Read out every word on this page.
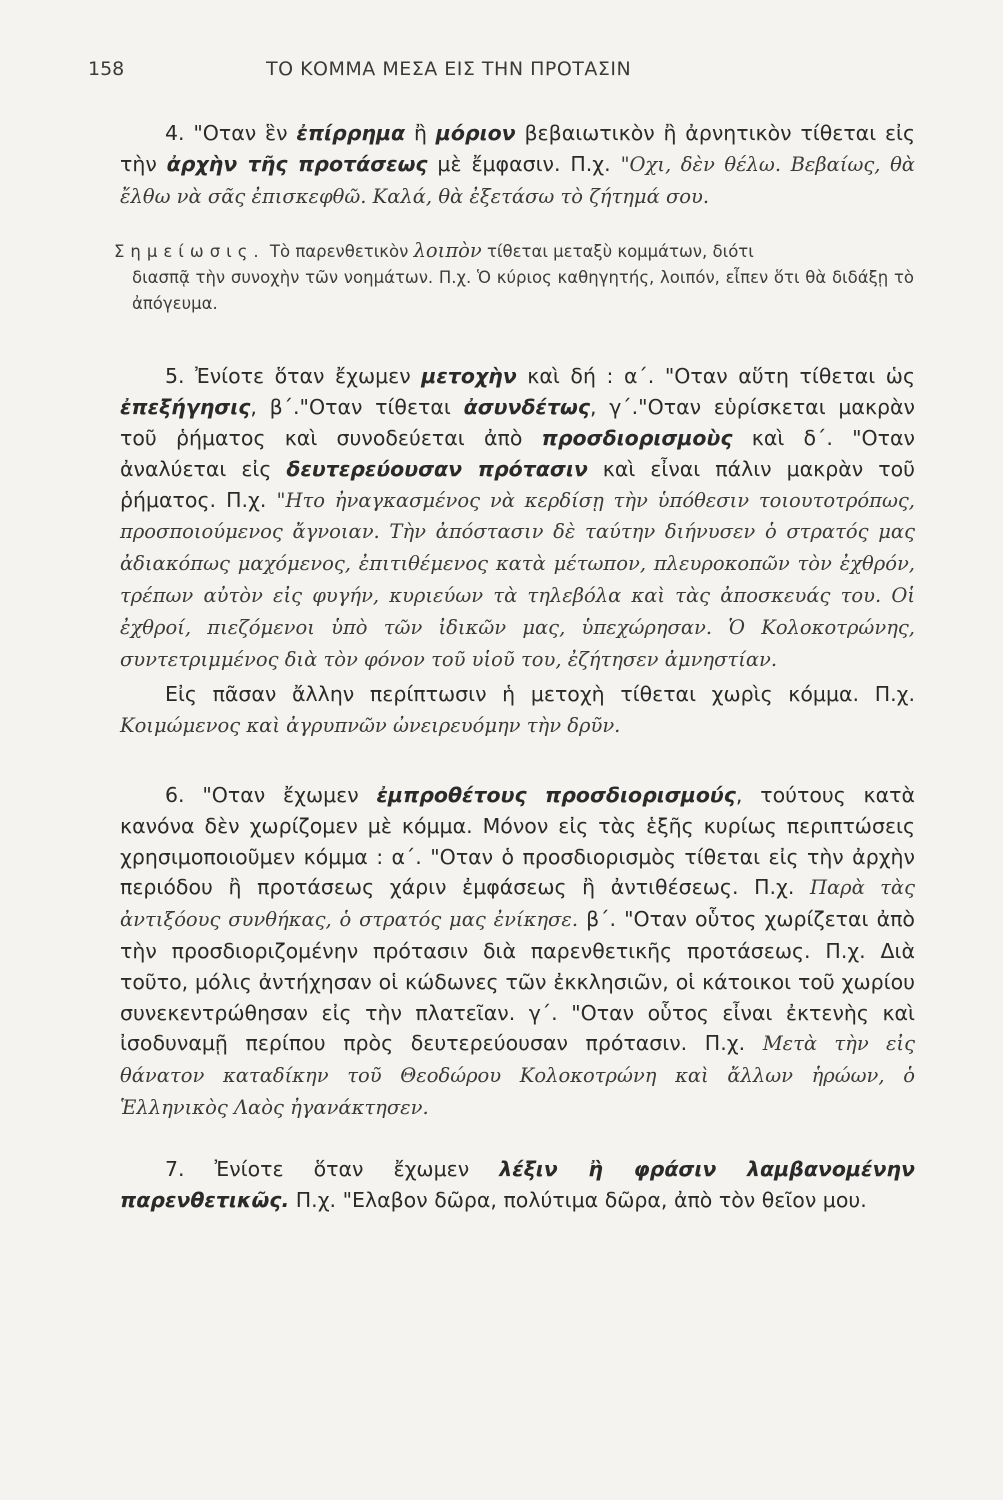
158	ΤΟ ΚΟΜΜΑ ΜΕΣΑ ΕΙΣ ΤΗΝ ΠΡΟΤΑΣΙΝ

4. "Οταν ἓν ἐπίρρημα ἢ μόριον βεβαιωτικὸν ἢ ἀρνητικὸν τίθεται εἰς τὴν ἀρχὴν τῆς προτάσεως μὲ ἔμφασιν. Π.χ. "Οχι, δὲν θέλω. Βεβαίως, θὰ ἔλθω νὰ σᾶς ἐπισκεφθῶ. Καλά, θὰ ἐξετάσω τὸ ζήτημά σου.

Σημείωσις. Τὸ παρενθετικὸν λοιπὸν τίθεται μεταξὺ κομμάτων, διότι
διασπᾷ τὴν συνοχὴν τῶν νοημάτων. Π.χ. Ὁ κύριος καθηγητής, λοιπόν, εἶπεν ὅτι θὰ διδάξῃ τὸ ἀπόγευμα.

5. Ἐνίοτε ὅταν ἔχωμεν μετοχὴν καὶ δή : α΄. "Οταν αὕτη τίθεται ὡς ἐπεξήγησις, β΄."Οταν τίθεται ἀσυνδέτως, γ΄."Οταν εὑρίσκεται μακρὰν τοῦ ῥήματος καὶ συνοδεύεται ἀπὸ προσδιορισμοὺς καὶ δ΄. "Οταν ἀναλύεται εἰς δευτερεύουσαν πρότασιν καὶ εἶναι πάλιν μακρὰν τοῦ ῥήματος. Π.χ. "Ητο ἠναγκασμένος νὰ κερδίσῃ τὴν ὑπόθεσιν τοιουτοτρόπως, προσποιούμενος ἄγνοιαν. Τὴν ἀπόστασιν δὲ ταύτην διήνυσεν ὁ στρατός μας ἀδιακόπως μαχόμενος, ἐπιτιθέμενος κατὰ μέτωπον, πλευροκοπῶν τὸν ἐχθρόν, τρέπων αὐτὸν εἰς φυγήν, κυριεύων τὰ τηλεβόλα καὶ τὰς ἀποσκευάς του. Οἱ ἐχθροί, πιεζόμενοι ὑπὸ τῶν ἰδικῶν μας, ὑπεχώρησαν. Ὁ Κολοκοτρώνης, συντετριμμένος διὰ τὸν φόνον τοῦ υἱοῦ του, ἐζήτησεν ἀμνηστίαν.

Εἰς πᾶσαν ἄλλην περίπτωσιν ἡ μετοχὴ τίθεται χωρὶς κόμμα. Π.χ. Κοιμώμενος καὶ ἀγρυπνῶν ὠνειρευόμην τὴν δρῦν.

6. "Οταν ἔχωμεν ἐμπροθέτους προσδιορισμούς, τούτους κατὰ κανόνα δὲν χωρίζομεν μὲ κόμμα. Μόνον εἰς τὰς ἑξῆς κυρίως περιπτώσεις χρησιμοποιοῦμεν κόμμα : α΄. "Οταν ὁ προσδιορισμὸς τίθεται εἰς τὴν ἀρχὴν περιόδου ἢ προτάσεως χάριν ἐμφάσεως ἢ ἀντιθέσεως. Π.χ. Παρὰ τὰς ἀντιξόους συνθήκας, ὁ στρατός μας ἐνίκησε. β΄. "Οταν οὗτος χωρίζεται ἀπὸ τὴν προσδιοριζομένην πρότασιν διὰ παρενθετικῆς προτάσεως. Π.χ. Διὰ τοῦτο, μόλις ἀντήχησαν οἱ κώδωνες τῶν ἐκκλησιῶν, οἱ κάτοικοι τοῦ χωρίου συνεκεντρώθησαν εἰς τὴν πλατεῖαν. γ΄. "Οταν οὗτος εἶναι ἐκτενὴς καὶ ἰσοδυναμῇ περίπου πρὸς δευτερεύουσαν πρότασιν. Π.χ. Μετὰ τὴν εἰς θάνατον καταδίκην τοῦ Θεοδώρου Κολοκοτρώνη καὶ ἄλλων ἡρώων, ὁ Ἑλληνικὸς Λαὸς ἠγανάκτησεν.

7. Ἐνίοτε ὅταν ἔχωμεν λέξιν ἢ φράσιν λαμβανομένην παρενθετικῶς. Π.χ. "Ελαβον δῶρα, πολύτιμα δῶρα, ἀπὸ τὸν θεῖον μου.
